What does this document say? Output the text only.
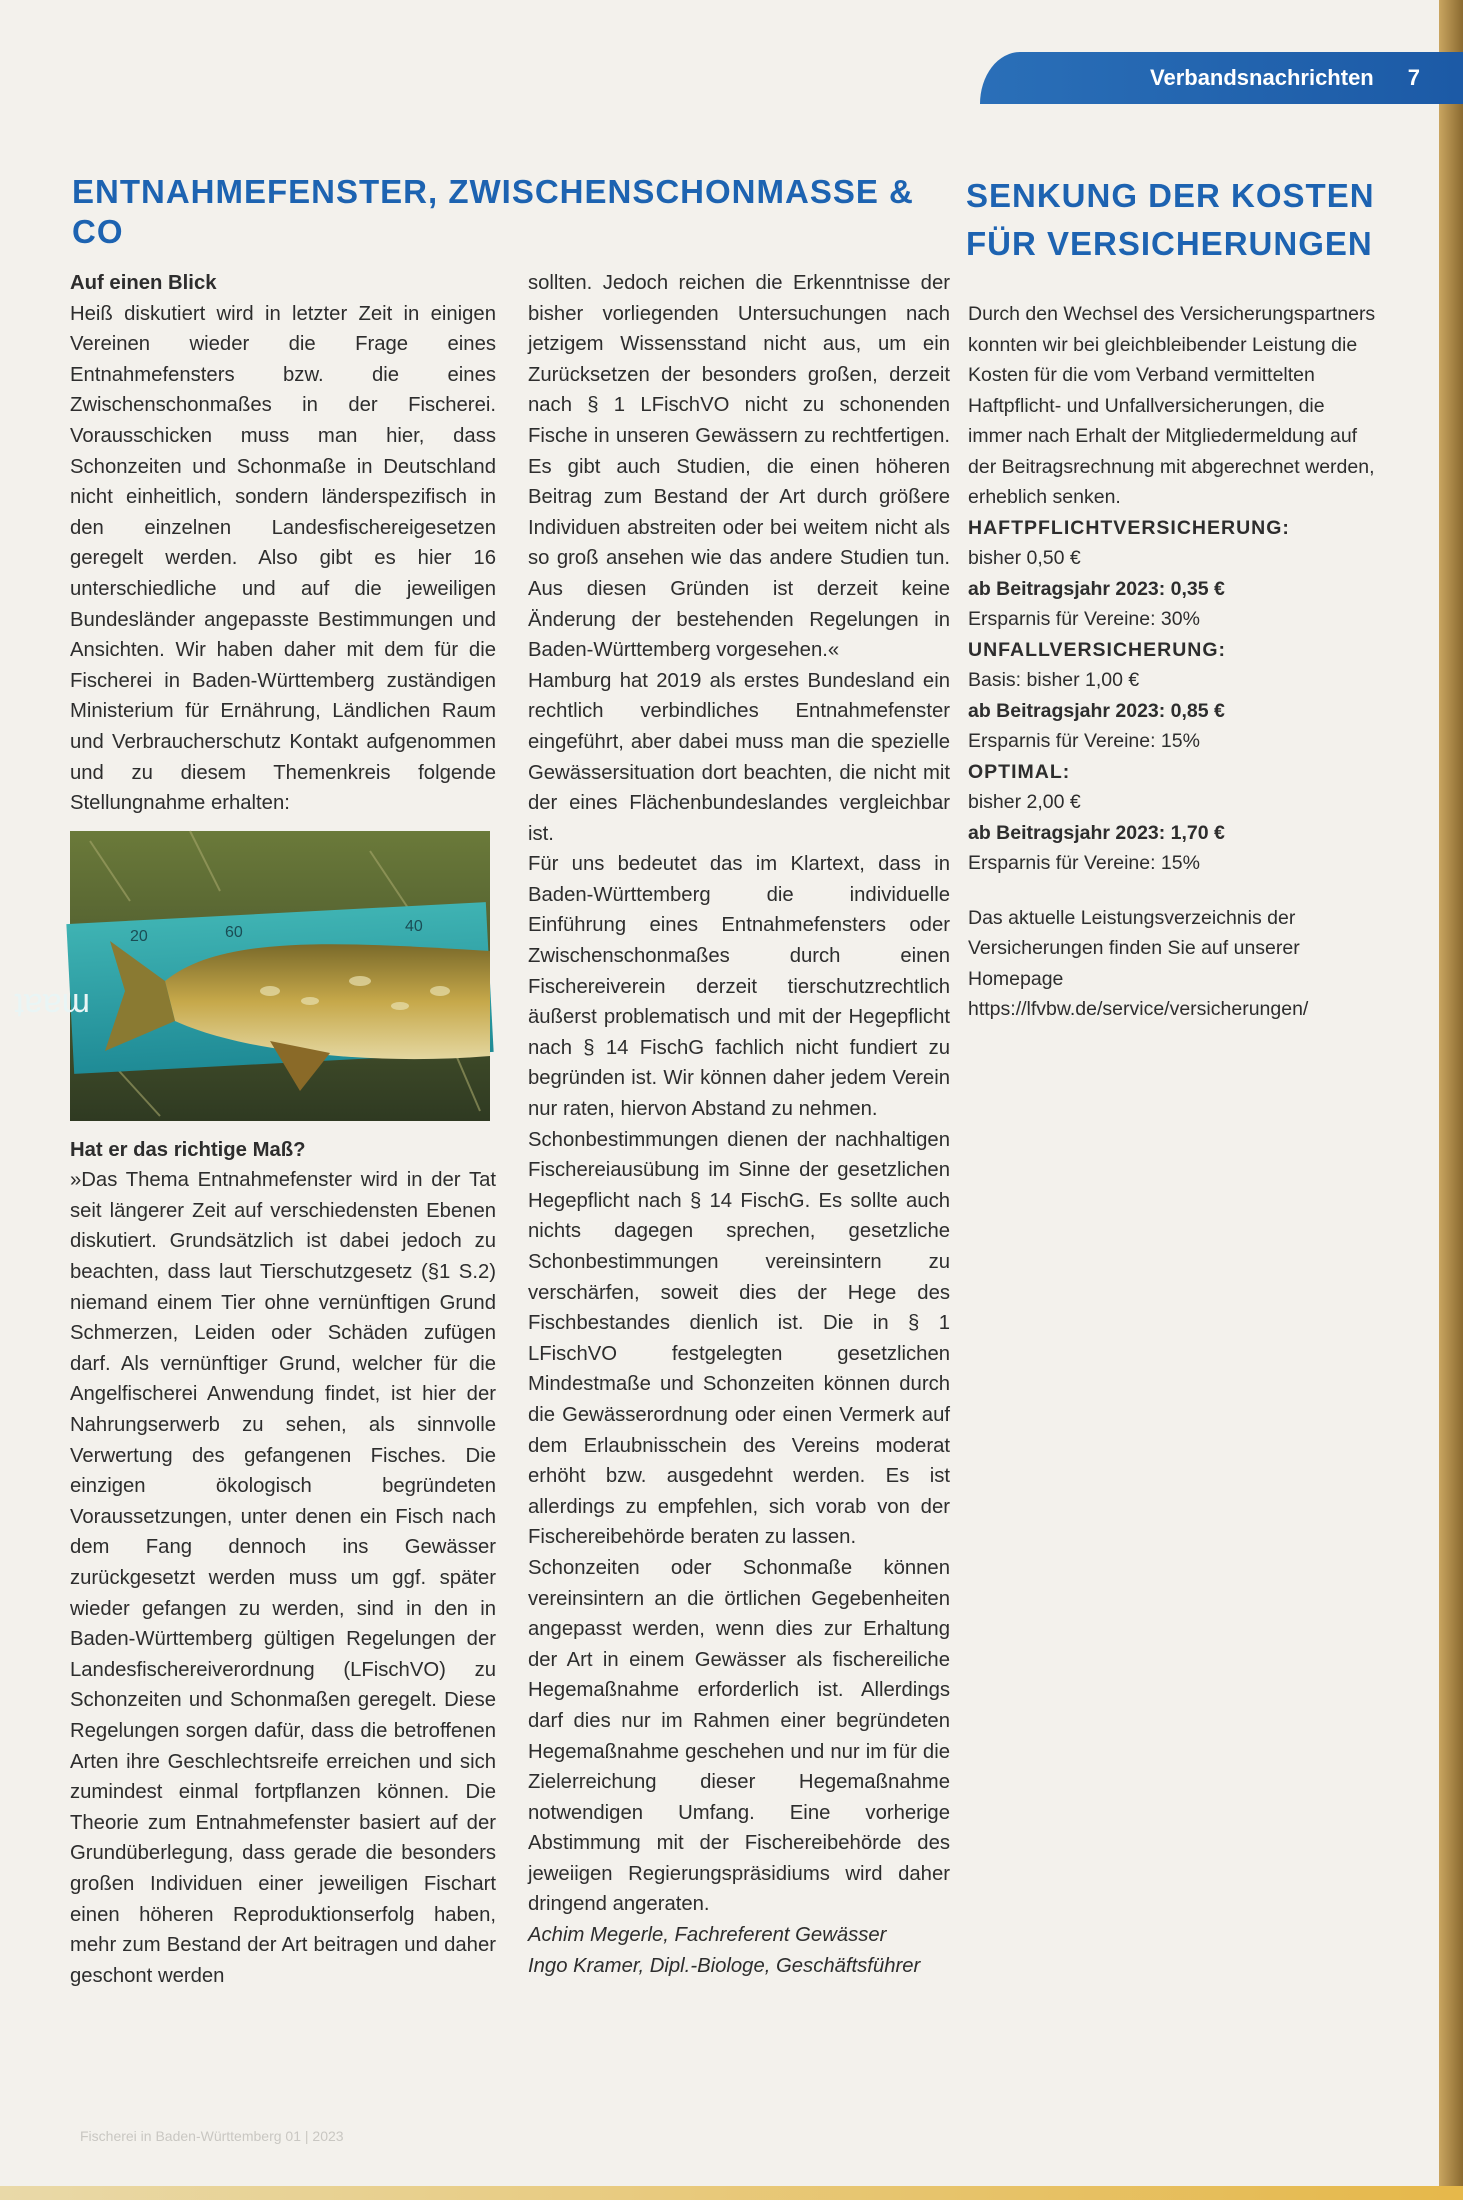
Verbandsnachrichten 7
ENTNAHMEFENSTER, ZWISCHENSCHONMASSE & CO
SENKUNG DER KOSTEN FÜR VERSICHERUNGEN

Auf einen Blick

Heiß diskutiert wird in letzter Zeit in einigen Vereinen wieder die Frage eines Entnahmefensters bzw. die eines Zwischenschonmaßes in der Fischerei. Vorausschicken muss man hier, dass Schonzeiten und Schonmaße in Deutschland nicht einheitlich, sondern länderspezifisch in den einzelnen Landesfischereigesetzen geregelt werden. Also gibt es hier 16 unterschiedliche und auf die jeweiligen Bundesländer angepasste Bestimmungen und Ansichten. Wir haben daher mit dem für die Fischerei in Baden-Württemberg zuständigen Ministerium für Ernährung, Ländlichen Raum und Verbraucherschutz Kontakt aufgenommen und zu diesem Themenkreis folgende Stellungnahme erhalten:

20	60	40
maat

Hat er das richtige Maß?

»Das Thema Entnahmefenster wird in der Tat seit längerer Zeit auf verschiedensten Ebenen diskutiert. Grundsätzlich ist dabei jedoch zu beachten, dass laut Tierschutzgesetz (§1 S.2) niemand einem Tier ohne vernünftigen Grund Schmerzen, Leiden oder Schäden zufügen darf. Als vernünftiger Grund, welcher für die Angelfischerei Anwendung findet, ist hier der Nahrungserwerb zu sehen, als sinnvolle Verwertung des gefangenen Fisches. Die einzigen ökologisch begründeten Voraussetzungen, unter denen ein Fisch nach dem Fang dennoch ins Gewässer zurückgesetzt werden muss um ggf. später wieder gefangen zu werden, sind in den in Baden-Württemberg gültigen Regelungen der Landesfischereiverordnung (LFischVO) zu Schonzeiten und Schonmaßen geregelt. Diese Regelungen sorgen dafür, dass die betroffenen Arten ihre Geschlechtsreife erreichen und sich zumindest einmal fortpflanzen können. Die Theorie zum Entnahmefenster basiert auf der Grundüberlegung, dass gerade die besonders großen Individuen einer jeweiligen Fischart einen höheren Reproduktionserfolg haben, mehr zum Bestand der Art beitragen und daher geschont werden

sollten. Jedoch reichen die Erkenntnisse der bisher vorliegenden Untersuchungen nach jetzigem Wissensstand nicht aus, um ein Zurücksetzen der besonders großen, derzeit nach § 1 LFischVO nicht zu schonenden Fische in unseren Gewässern zu rechtfertigen. Es gibt auch Studien, die einen höheren Beitrag zum Bestand der Art durch größere Individuen abstreiten oder bei weitem nicht als so groß ansehen wie das andere Studien tun. Aus diesen Gründen ist derzeit keine Änderung der bestehenden Regelungen in Baden-Württemberg vorgesehen.«

Hamburg hat 2019 als erstes Bundesland ein rechtlich verbindliches Entnahmefenster eingeführt, aber dabei muss man die spezielle Gewässersituation dort beachten, die nicht mit der eines Flächenbundeslandes vergleichbar ist.

Für uns bedeutet das im Klartext, dass in Baden-Württemberg die individuelle Einführung eines Entnahmefensters oder Zwischenschonmaßes durch einen Fischereiverein derzeit tierschutzrechtlich äußerst problematisch und mit der Hegepflicht nach § 14 FischG fachlich nicht fundiert zu begründen ist. Wir können daher jedem Verein nur raten, hiervon Abstand zu nehmen.

Schonbestimmungen dienen der nachhaltigen Fischereiausübung im Sinne der gesetzlichen Hegepflicht nach § 14 FischG. Es sollte auch nichts dagegen sprechen, gesetzliche Schonbestimmungen vereinsintern zu verschärfen, soweit dies der Hege des Fischbestandes dienlich ist. Die in § 1 LFischVO festgelegten gesetzlichen Mindestmaße und Schonzeiten können durch die Gewässerordnung oder einen Vermerk auf dem Erlaubnisschein des Vereins moderat erhöht bzw. ausgedehnt werden. Es ist allerdings zu empfehlen, sich vorab von der Fischereibehörde beraten zu lassen.

Schonzeiten oder Schonmaße können vereinsintern an die örtlichen Gegebenheiten angepasst werden, wenn dies zur Erhaltung der Art in einem Gewässer als fischereiliche Hegemaßnahme erforderlich ist. Allerdings darf dies nur im Rahmen einer begründeten Hegemaßnahme geschehen und nur im für die Zielerreichung dieser Hegemaßnahme notwendigen Umfang. Eine vorherige Abstimmung mit der Fischereibehörde des jeweiigen Regierungspräsidiums wird daher dringend angeraten.

Achim Megerle, Fachreferent Gewässer
Ingo Kramer, Dipl.-Biologe, Geschäftsführer

Durch den Wechsel des Versicherungspartners konnten wir bei gleichbleibender Leistung die Kosten für die vom Verband vermittelten Haftpflicht- und Unfallversicherungen, die immer nach Erhalt der Mitgliedermeldung auf der Beitragsrechnung mit abgerechnet werden, erheblich senken.

HAFTPFLICHTVERSICHERUNG:

bisher 0,50 €

ab Beitragsjahr 2023: 0,35 €

Ersparnis für Vereine: 30%

UNFALLVERSICHERUNG:

Basis: bisher 1,00 €

ab Beitragsjahr 2023: 0,85 €

Ersparnis für Vereine: 15%

OPTIMAL:

bisher 2,00 €

ab Beitragsjahr 2023: 1,70 €

Ersparnis für Vereine: 15%

Das aktuelle Leistungsverzeichnis der Versicherungen finden Sie auf unserer Homepage https://lfvbw.de/service/versicherungen/

Fischerei in Baden-Württemberg 01 | 2023
